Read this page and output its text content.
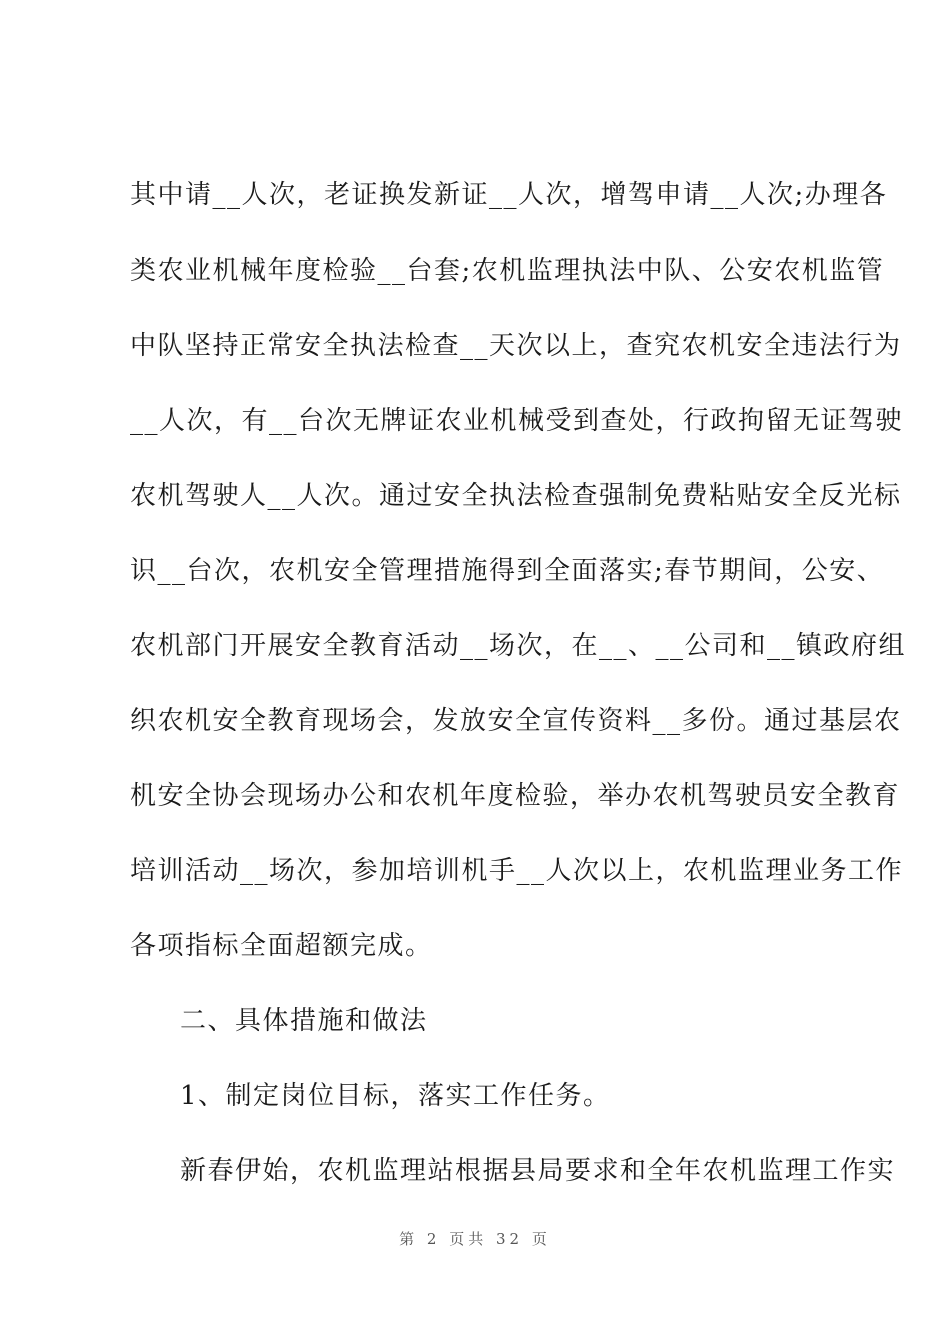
其中请__人次，老证换发新证__人次，增驾申请__人次;办理各
类农业机械年度检验__台套;农机监理执法中队、公安农机监管
中队坚持正常安全执法检查__天次以上，查究农机安全违法行为
__人次，有__台次无牌证农业机械受到查处，行政拘留无证驾驶
农机驾驶人__人次。通过安全执法检查强制免费粘贴安全反光标
识__台次，农机安全管理措施得到全面落实;春节期间，公安、
农机部门开展安全教育活动__场次，在__、__公司和__镇政府组
织农机安全教育现场会，发放安全宣传资料__多份。通过基层农
机安全协会现场办公和农机年度检验，举办农机驾驶员安全教育
培训活动__场次，参加培训机手__人次以上，农机监理业务工作
各项指标全面超额完成。
二、具体措施和做法
1、制定岗位目标，落实工作任务。
新春伊始，农机监理站根据县局要求和全年农机监理工作实
第 2 页共 32 页
